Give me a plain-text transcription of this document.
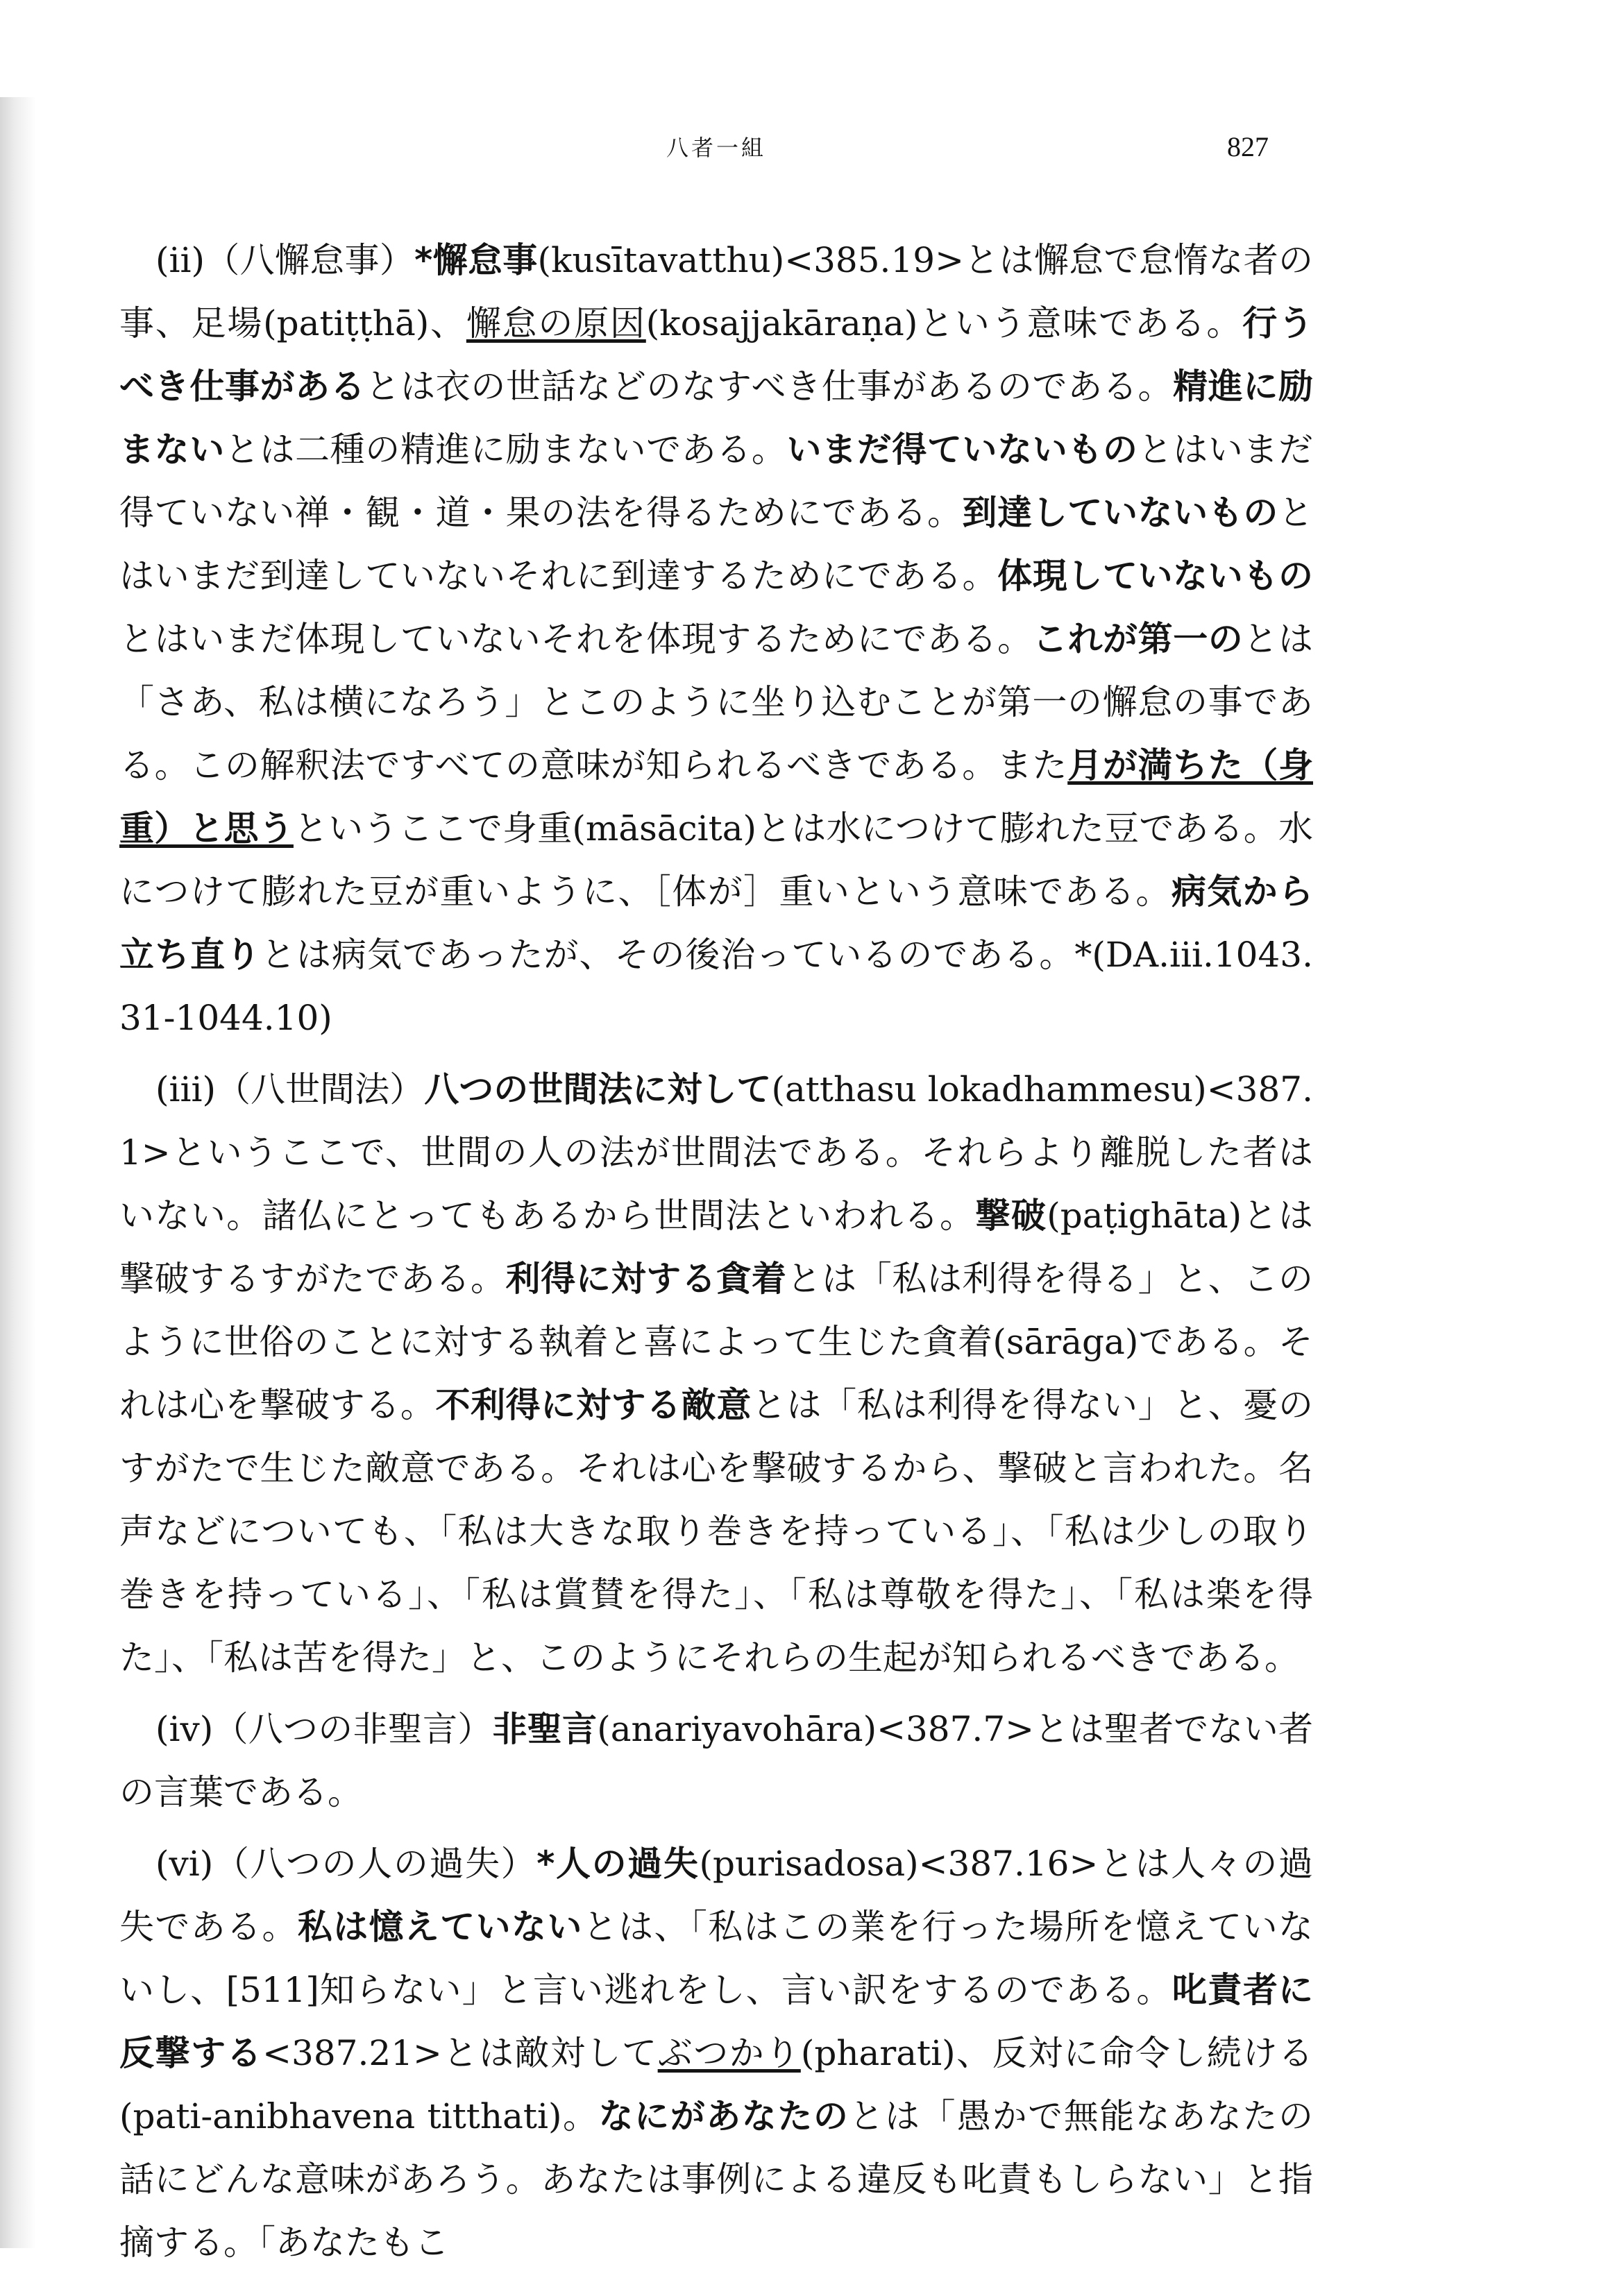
八者一組	827

(ii)（八懈怠事）*懈怠事(kusītavatthu)<385.19>とは懈怠で怠惰な者の事、足場(patiṭṭhā)、懈怠の原因(kosajjakāraṇa)という意味である。行うべき仕事があるとは衣の世話などのなすべき仕事があるのである。精進に励まないとは二種の精進に励まないである。いまだ得ていないものとはいまだ得ていない禅・観・道・果の法を得るためにである。到達していないものとはいまだ到達していないそれに到達するためにである。体現していないものとはいまだ体現していないそれを体現するためにである。これが第一のとは「さあ、私は横になろう」とこのように坐り込むことが第一の懈怠の事である。この解釈法ですべての意味が知られるべきである。また月が満ちた（身重）と思うというここで身重(māsācita)とは水につけて膨れた豆である。水につけて膨れた豆が重いように、［体が］重いという意味である。病気から立ち直りとは病気であったが、その後治っているのである。*(DA.iii.1043.31-1044.10)

(iii)（八世間法）八つの世間法に対して(atthasu lokadhammesu)<387.1>というここで、世間の人の法が世間法である。それらより離脱した者はいない。諸仏にとってもあるから世間法といわれる。撃破(paṭighāta)とは撃破するすがたである。利得に対する貪着とは「私は利得を得る」と、このように世俗のことに対する執着と喜によって生じた貪着(sārāga)である。それは心を撃破する。不利得に対する敵意とは「私は利得を得ない」と、憂のすがたで生じた敵意である。それは心を撃破するから、撃破と言われた。名声などについても、「私は大きな取り巻きを持っている」、「私は少しの取り巻きを持っている」、「私は賞賛を得た」、「私は尊敬を得た」、「私は楽を得た」、「私は苦を得た」と、このようにそれらの生起が知られるべきである。

(iv)（八つの非聖言）非聖言(anariyavohāra)<387.7>とは聖者でない者の言葉である。

(vi)（八つの人の過失）*人の過失(purisadosa)<387.16>とは人々の過失である。私は憶えていないとは、「私はこの業を行った場所を憶えていないし、[511]知らない」と言い逃れをし、言い訳をするのである。叱責者に反撃する<387.21>とは敵対してぶつかり(pharati)、反対に命令し続ける(pati-anibhavena titthati)。なにがあなたのとは「愚かで無能なあなたの話にどんな意味があろう。あなたは事例による違反も叱責もしらない」と指摘する。「あなたもこ
